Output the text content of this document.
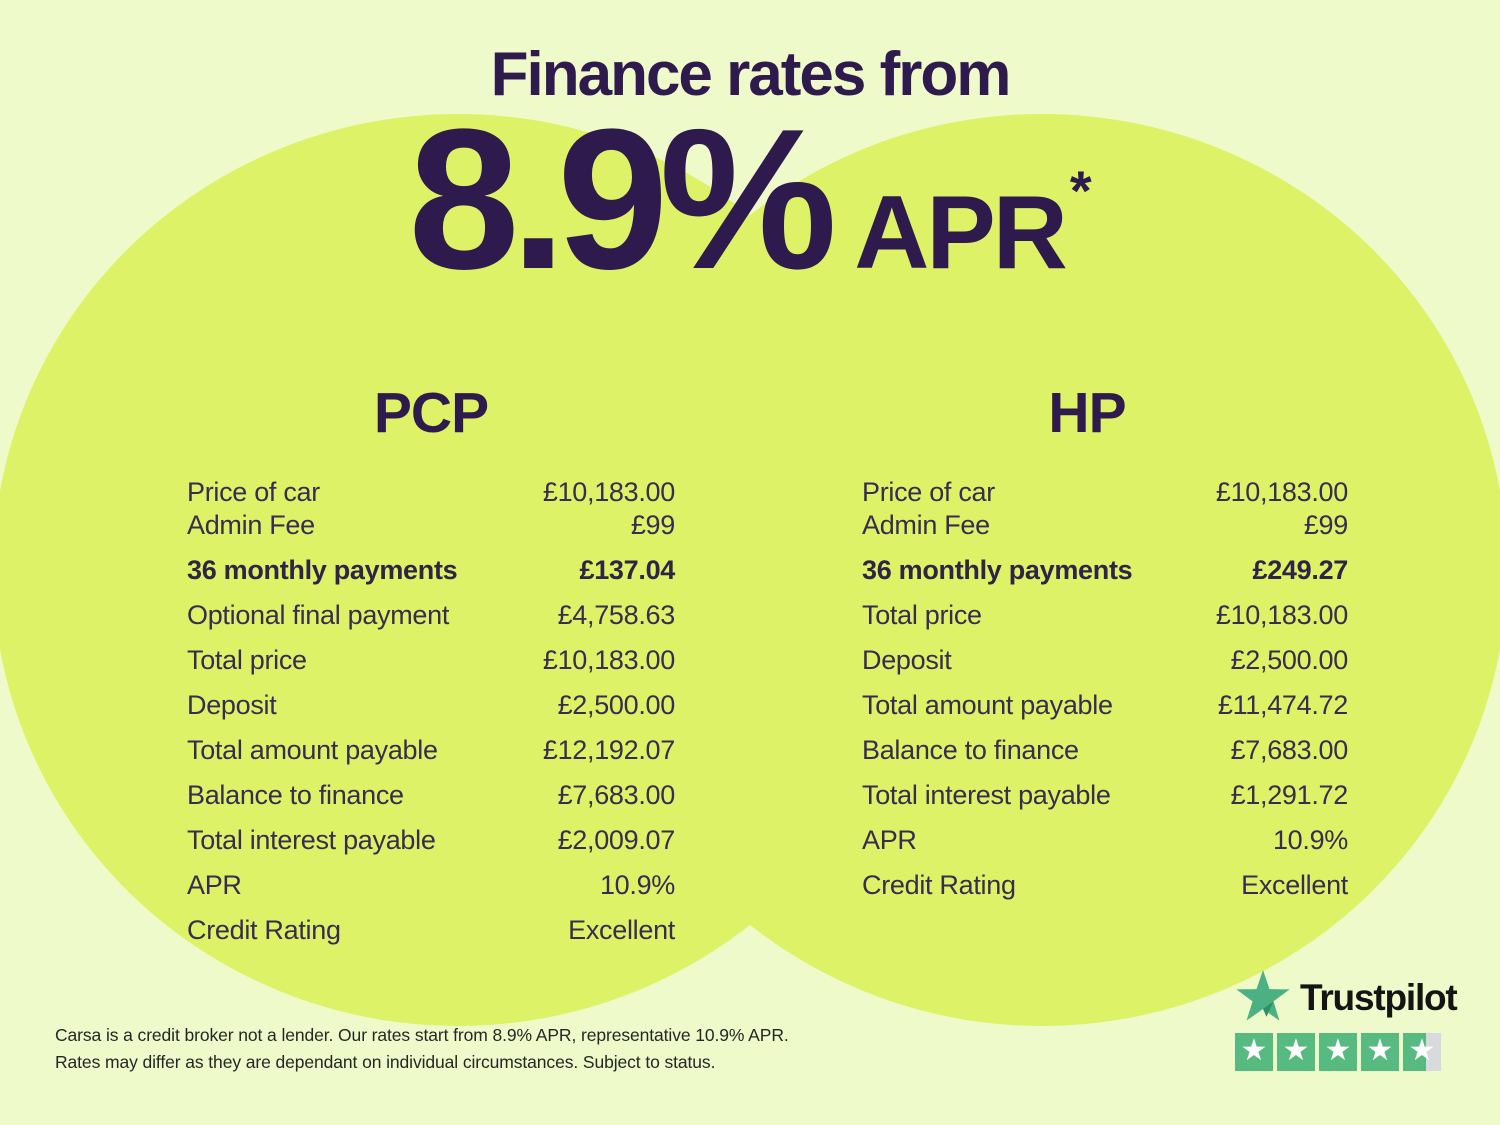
Finance rates from
8.9% APR *
PCP
Price of car	£10,183.00
Admin Fee	£99
36 monthly payments	£137.04
Optional final payment	£4,758.63
Total price	£10,183.00
Deposit	£2,500.00
Total amount payable	£12,192.07
Balance to finance	£7,683.00
Total interest payable	£2,009.07
APR	10.9%
Credit Rating	Excellent
HP
Price of car	£10,183.00
Admin Fee	£99
36 monthly payments	£249.27
Total price	£10,183.00
Deposit	£2,500.00
Total amount payable	£11,474.72
Balance to finance	£7,683.00
Total interest payable	£1,291.72
APR	10.9%
Credit Rating	Excellent
Carsa is a credit broker not a lender. Our rates start from 8.9% APR, representative 10.9% APR.
Rates may differ as they are dependant on individual circumstances. Subject to status.
Trustpilot
★ ★ ★ ★ ★
